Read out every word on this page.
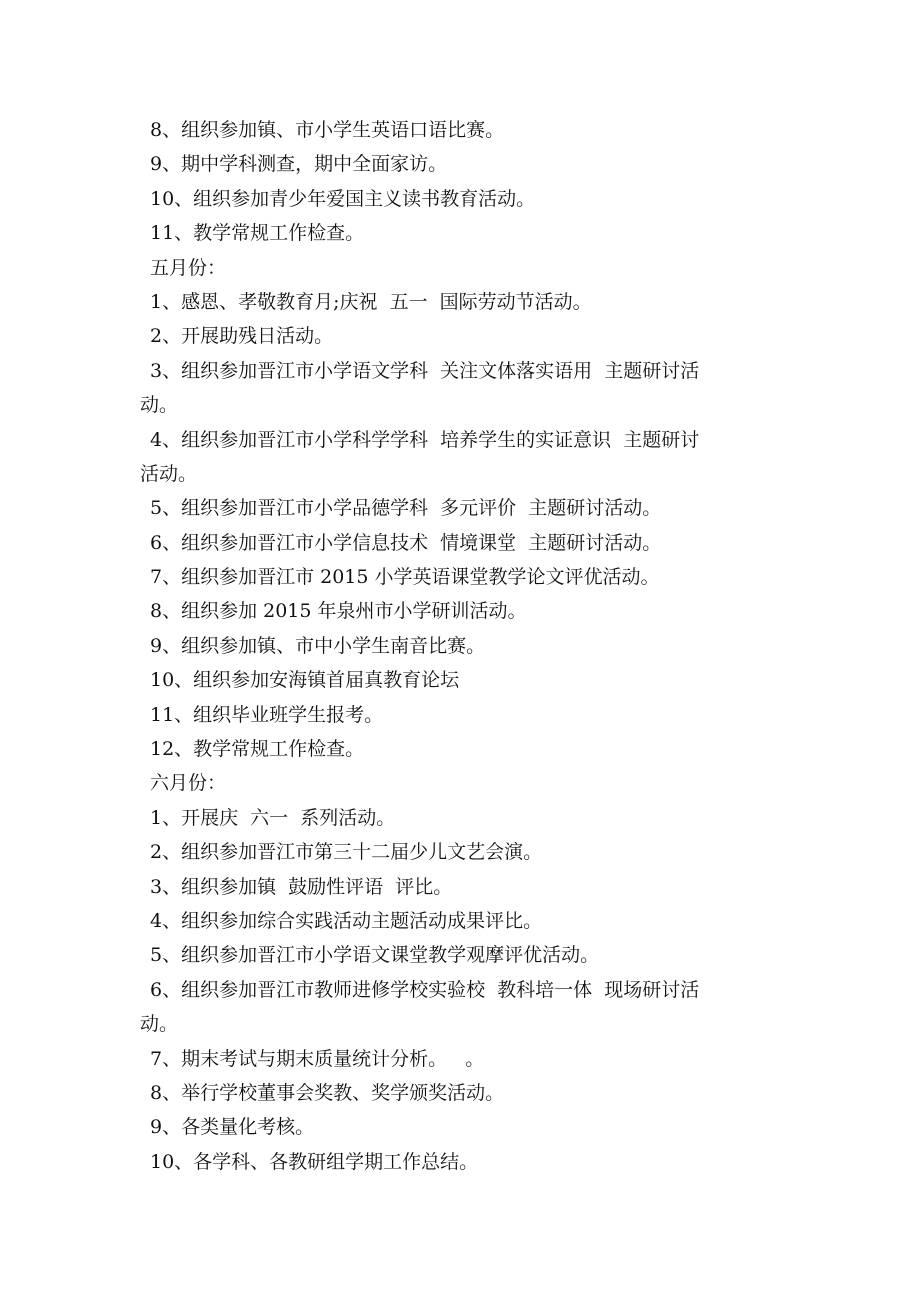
8、组织参加镇、市小学生英语口语比赛。
9、期中学科测查，期中全面家访。
10、组织参加青少年爱国主义读书教育活动。
11、教学常规工作检查。
五月份：
1、感恩、孝敬教育月;庆祝  五一  国际劳动节活动。
2、开展助残日活动。
3、组织参加晋江市小学语文学科  关注文体落实语用  主题研讨活
动。
4、组织参加晋江市小学科学学科  培养学生的实证意识  主题研讨
活动。
5、组织参加晋江市小学品德学科  多元评价  主题研讨活动。
6、组织参加晋江市小学信息技术  情境课堂  主题研讨活动。
7、组织参加晋江市 2015 小学英语课堂教学论文评优活动。
8、组织参加 2015 年泉州市小学研训活动。
9、组织参加镇、市中小学生南音比赛。
10、组织参加安海镇首届真教育论坛
11、组织毕业班学生报考。
12、教学常规工作检查。
六月份：
1、开展庆  六一  系列活动。
2、组织参加晋江市第三十二届少儿文艺会演。
3、组织参加镇  鼓励性评语  评比。
4、组织参加综合实践活动主题活动成果评比。
5、组织参加晋江市小学语文课堂教学观摩评优活动。
6、组织参加晋江市教师进修学校实验校  教科培一体  现场研讨活
动。
7、期末考试与期末质量统计分析。   。
8、举行学校董事会奖教、奖学颁奖活动。
9、各类量化考核。
10、各学科、各教研组学期工作总结。
